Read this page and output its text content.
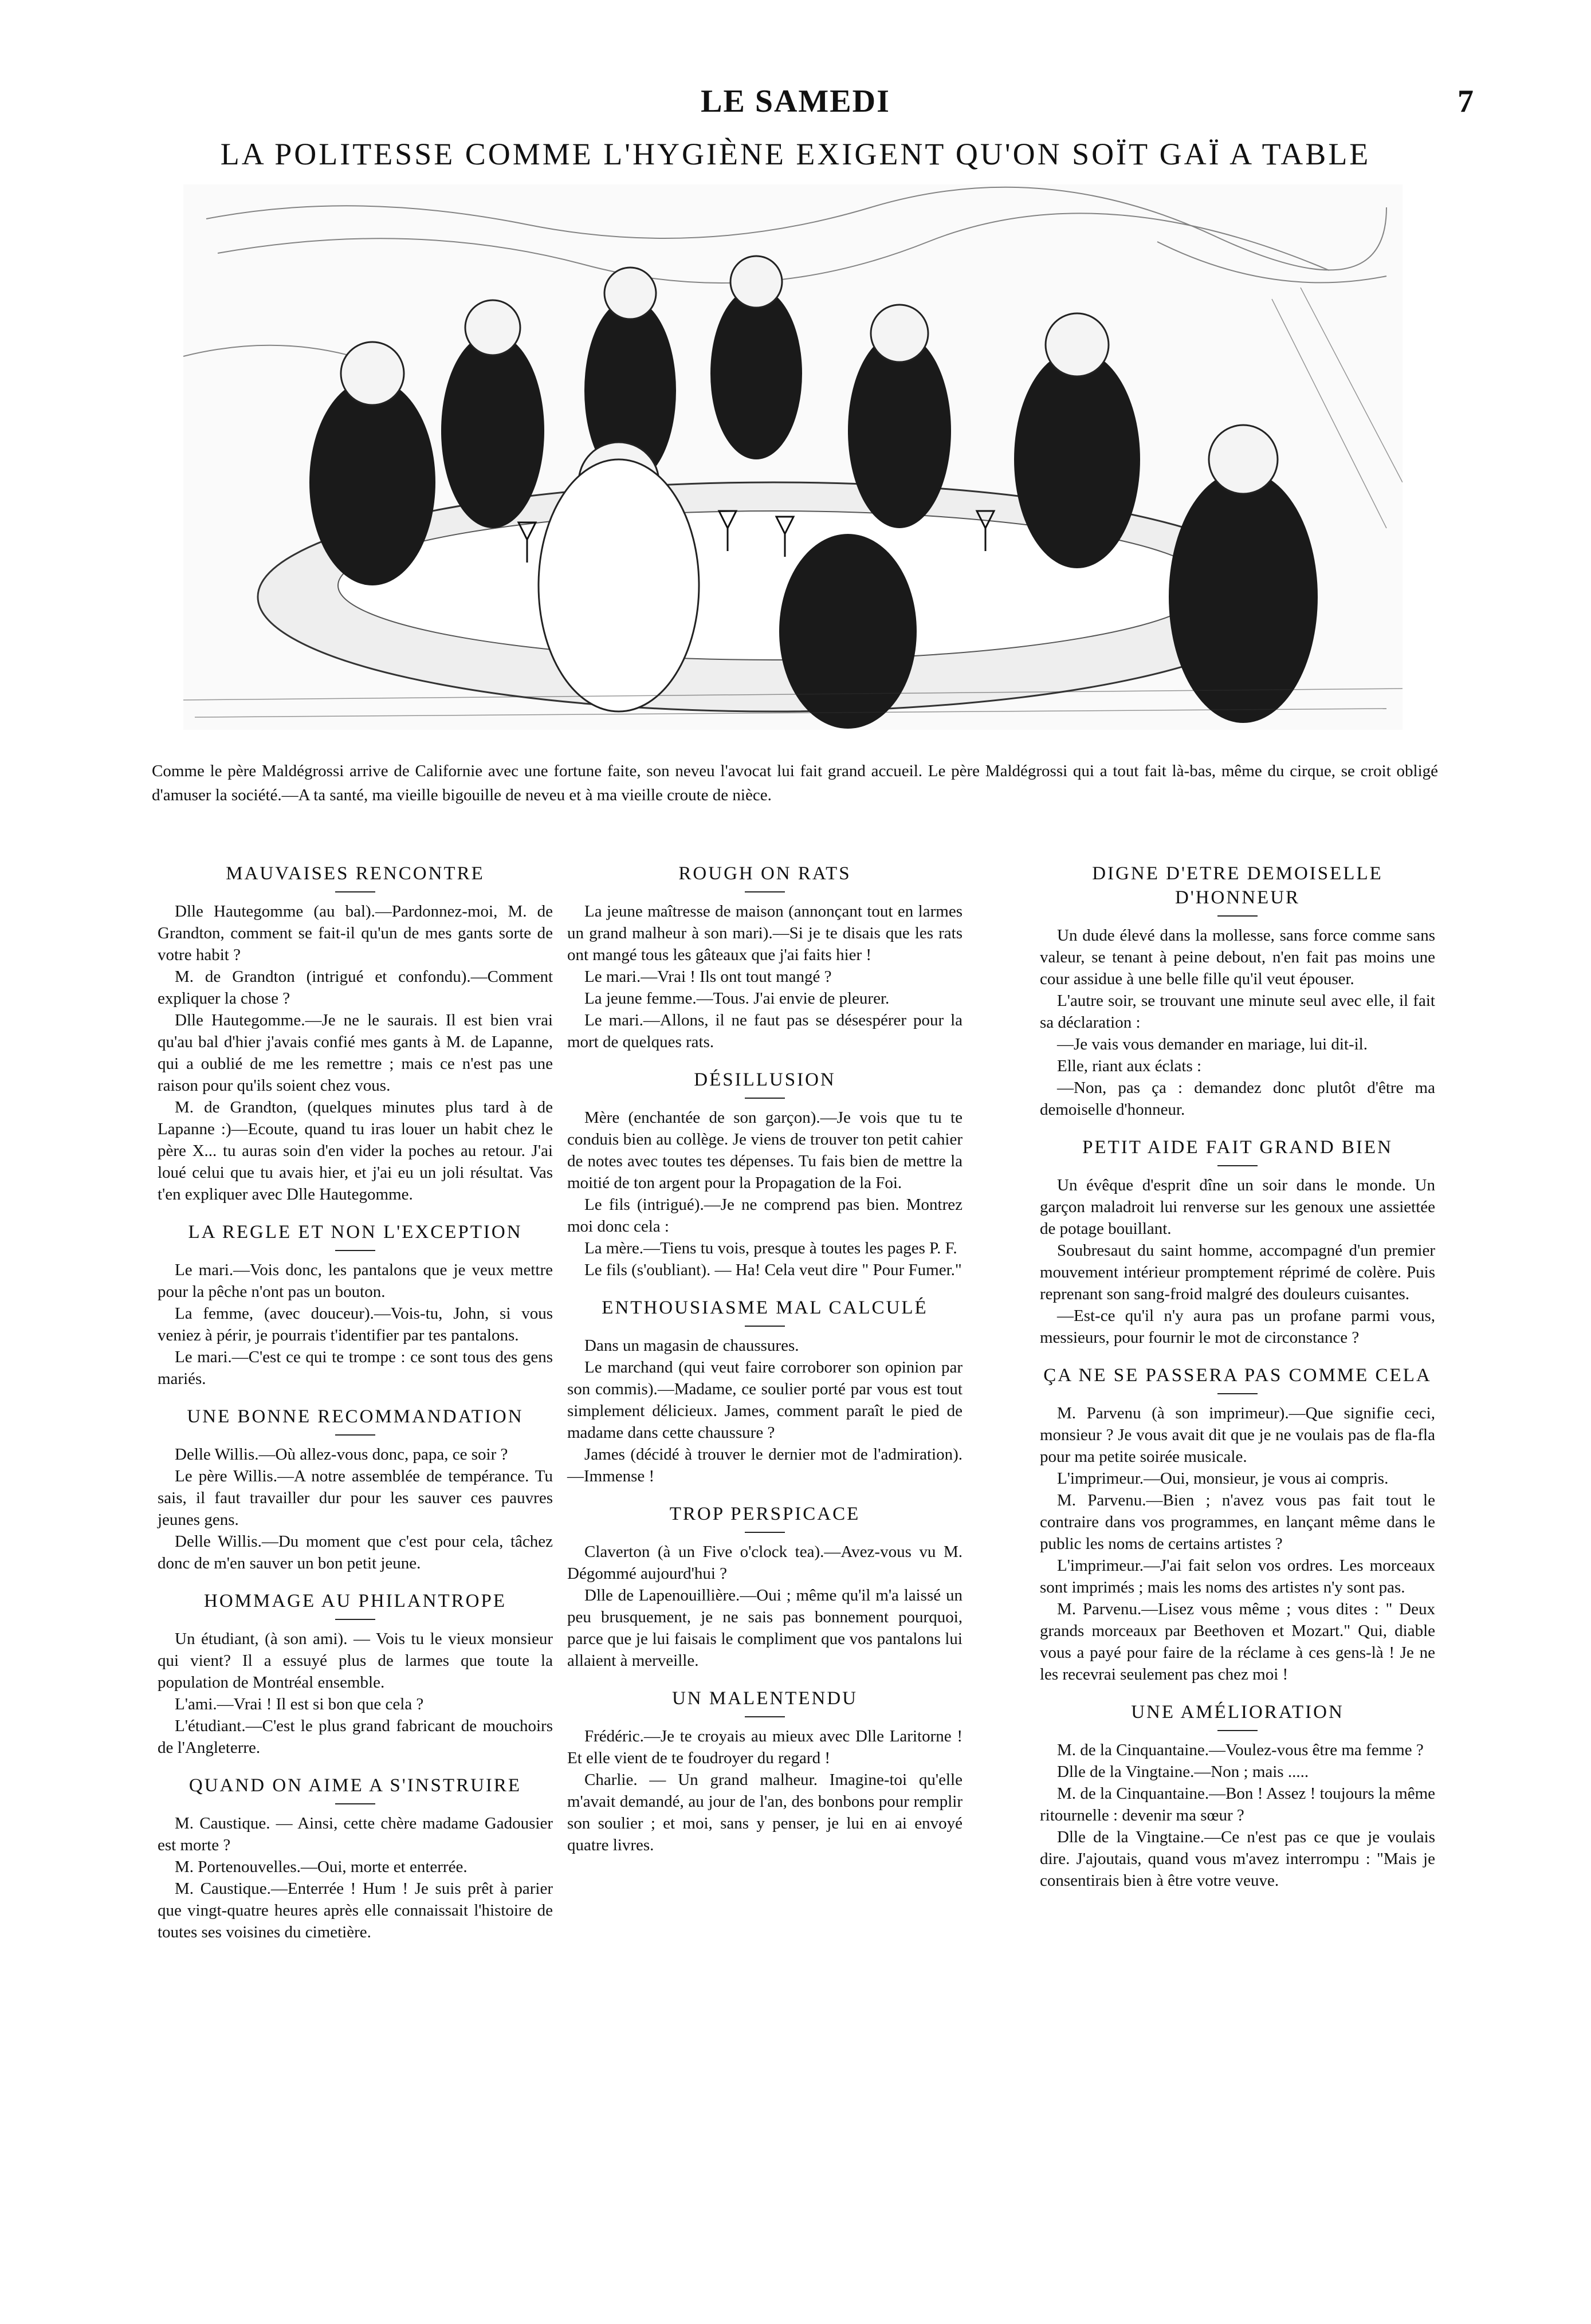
LE SAMEDI	7
LA POLITESSE COMME L'HYGIÈNE EXIGENT QU'ON SOÏT GAÏ A TABLE
Comme le père Maldégrossi arrive de Californie avec une fortune faite, son neveu l'avocat lui fait grand accueil. Le père Maldégrossi qui a tout fait là-bas, même du cirque, se croit obligé d'amuser la société.—A ta santé, ma vieille bigouille de neveu et à ma vieille croute de nièce.
MAUVAISES RENCONTRE

Dlle Hautegomme (au bal).—Pardonnez-moi, M. de Grandton, comment se fait-il qu'un de mes gants sorte de votre habit ?

M. de Grandton (intrigué et confondu).—Comment expliquer la chose ?

Dlle Hautegomme.—Je ne le saurais. Il est bien vrai qu'au bal d'hier j'avais confié mes gants à M. de Lapanne, qui a oublié de me les remettre ; mais ce n'est pas une raison pour qu'ils soient chez vous.

M. de Grandton, (quelques minutes plus tard à de Lapanne :)—Ecoute, quand tu iras louer un habit chez le père X... tu auras soin d'en vider la poches au retour. J'ai loué celui que tu avais hier, et j'ai eu un joli résultat. Vas t'en expliquer avec Dlle Hautegomme.

LA REGLE ET NON L'EXCEPTION

Le mari.—Vois donc, les pantalons que je veux mettre pour la pêche n'ont pas un bouton.

La femme, (avec douceur).—Vois-tu, John, si vous veniez à périr, je pourrais t'identifier par tes pantalons.

Le mari.—C'est ce qui te trompe : ce sont tous des gens mariés.

UNE BONNE RECOMMANDATION

Delle Willis.—Où allez-vous donc, papa, ce soir ?

Le père Willis.—A notre assemblée de tempérance. Tu sais, il faut travailler dur pour les sauver ces pauvres jeunes gens.

Delle Willis.—Du moment que c'est pour cela, tâchez donc de m'en sauver un bon petit jeune.

HOMMAGE AU PHILANTROPE

Un étudiant, (à son ami). — Vois tu le vieux monsieur qui vient? Il a essuyé plus de larmes que toute la population de Montréal ensemble.

L'ami.—Vrai ! Il est si bon que cela ?

L'étudiant.—C'est le plus grand fabricant de mouchoirs de l'Angleterre.

QUAND ON AIME A S'INSTRUIRE

M. Caustique. — Ainsi, cette chère madame Gadousier est morte ?

M. Portenouvelles.—Oui, morte et enterrée.

M. Caustique.—Enterrée ! Hum ! Je suis prêt à parier que vingt-quatre heures après elle connaissait l'histoire de toutes ses voisines du cimetière.

ROUGH ON RATS

La jeune maîtresse de maison (annonçant tout en larmes un grand malheur à son mari).—Si je te disais que les rats ont mangé tous les gâteaux que j'ai faits hier !

Le mari.—Vrai ! Ils ont tout mangé ?

La jeune femme.—Tous. J'ai envie de pleurer.

Le mari.—Allons, il ne faut pas se désespérer pour la mort de quelques rats.

DÉSILLUSION

Mère (enchantée de son garçon).—Je vois que tu te conduis bien au collège. Je viens de trouver ton petit cahier de notes avec toutes tes dépenses. Tu fais bien de mettre la moitié de ton argent pour la Propagation de la Foi.

Le fils (intrigué).—Je ne comprend pas bien. Montrez moi donc cela :

La mère.—Tiens tu vois, presque à toutes les pages P. F.

Le fils (s'oubliant). — Ha! Cela veut dire " Pour Fumer."

ENTHOUSIASME MAL CALCULÉ

Dans un magasin de chaussures.

Le marchand (qui veut faire corroborer son opinion par son commis).—Madame, ce soulier porté par vous est tout simplement délicieux. James, comment paraît le pied de madame dans cette chaussure ?

James (décidé à trouver le dernier mot de l'admiration).—Immense !

TROP PERSPICACE

Claverton (à un Five o'clock tea).—Avez-vous vu M. Dégommé aujourd'hui ?

Dlle de Lapenouillière.—Oui ; même qu'il m'a laissé un peu brusquement, je ne sais pas bonnement pourquoi, parce que je lui faisais le compliment que vos pantalons lui allaient à merveille.

UN MALENTENDU

Frédéric.—Je te croyais au mieux avec Dlle Laritorne ! Et elle vient de te foudroyer du regard !

Charlie. — Un grand malheur. Imagine-toi qu'elle m'avait demandé, au jour de l'an, des bonbons pour remplir son soulier ; et moi, sans y penser, je lui en ai envoyé quatre livres.

DIGNE D'ETRE DEMOISELLE D'HONNEUR

Un dude élevé dans la mollesse, sans force comme sans valeur, se tenant à peine debout, n'en fait pas moins une cour assidue à une belle fille qu'il veut épouser.

L'autre soir, se trouvant une minute seul avec elle, il fait sa déclaration :

—Je vais vous demander en mariage, lui dit-il.

Elle, riant aux éclats :

—Non, pas ça : demandez donc plutôt d'être ma demoiselle d'honneur.

PETIT AIDE FAIT GRAND BIEN

Un évêque d'esprit dîne un soir dans le monde. Un garçon maladroit lui renverse sur les genoux une assiettée de potage bouillant.

Soubresaut du saint homme, accompagné d'un premier mouvement intérieur promptement réprimé de colère. Puis reprenant son sang-froid malgré des douleurs cuisantes.

—Est-ce qu'il n'y aura pas un profane parmi vous, messieurs, pour fournir le mot de circonstance ?

ÇA NE SE PASSERA PAS COMME CELA

M. Parvenu (à son imprimeur).—Que signifie ceci, monsieur ? Je vous avait dit que je ne voulais pas de fla-fla pour ma petite soirée musicale.

L'imprimeur.—Oui, monsieur, je vous ai compris.

M. Parvenu.—Bien ; n'avez vous pas fait tout le contraire dans vos programmes, en lançant même dans le public les noms de certains artistes ?

L'imprimeur.—J'ai fait selon vos ordres. Les morceaux sont imprimés ; mais les noms des artistes n'y sont pas.

M. Parvenu.—Lisez vous même ; vous dites : " Deux grands morceaux par Beethoven et Mozart." Qui, diable vous a payé pour faire de la réclame à ces gens-là ! Je ne les recevrai seulement pas chez moi !

UNE AMÉLIORATION

M. de la Cinquantaine.—Voulez-vous être ma femme ?

Dlle de la Vingtaine.—Non ; mais .....

M. de la Cinquantaine.—Bon ! Assez ! toujours la même ritournelle : devenir ma sœur ?

Dlle de la Vingtaine.—Ce n'est pas ce que je voulais dire. J'ajoutais, quand vous m'avez interrompu : "Mais je consentirais bien à être votre veuve.
